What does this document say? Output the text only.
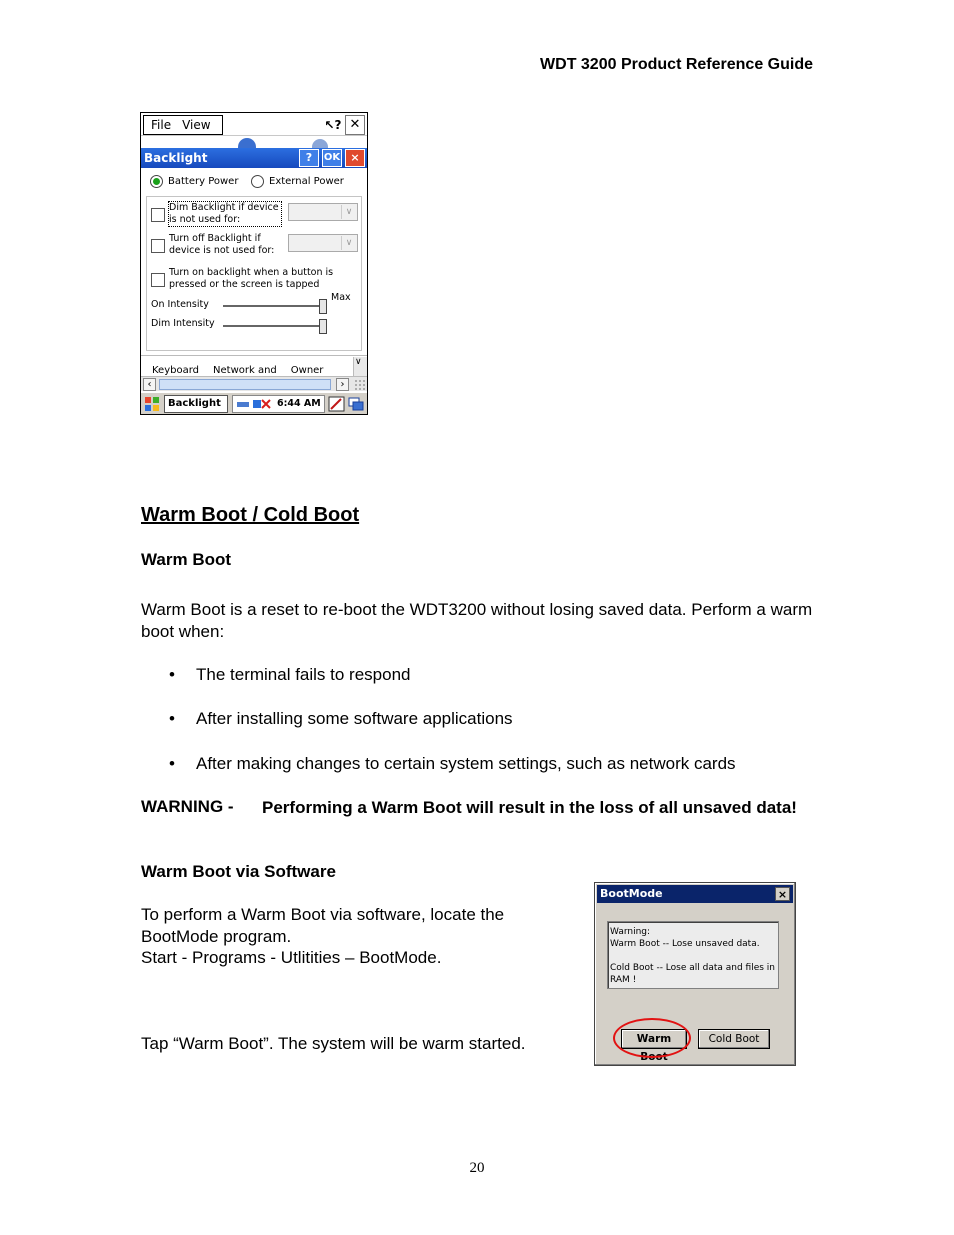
WDT 3200 Product Reference Guide
File View	↖? ✕
Backlight	?	OK ×
Battery Power	External Power
Dim Backlight if device is not used for:
∨
Turn off Backlight if device is not used for:
∨
Turn on backlight when a button is pressed or the screen is tapped
On Intensity
Dim Intensity
Max
Keyboard Network and Owner
∨
‹	›
Backlight	6:44 AM
Warm Boot / Cold Boot
Warm Boot
Warm Boot is a reset to re-boot the WDT3200 without losing saved data. Perform a warm boot when:
•	The terminal fails to respond
•	After installing some software applications
•	After making changes to certain system settings, such as network cards
WARNING - Performing a Warm Boot will result in the loss of all unsaved data!
Warm Boot via Software
To perform a Warm Boot via software, locate the BootMode program.
Start - Programs - Utlitities – BootMode.
Tap “Warm Boot”. The system will be warm started.
BootMode	×
Warning:
Warm Boot -- Lose unsaved data.
Cold Boot -- Lose all data and files in RAM !
Warm Boot
Cold Boot
20
